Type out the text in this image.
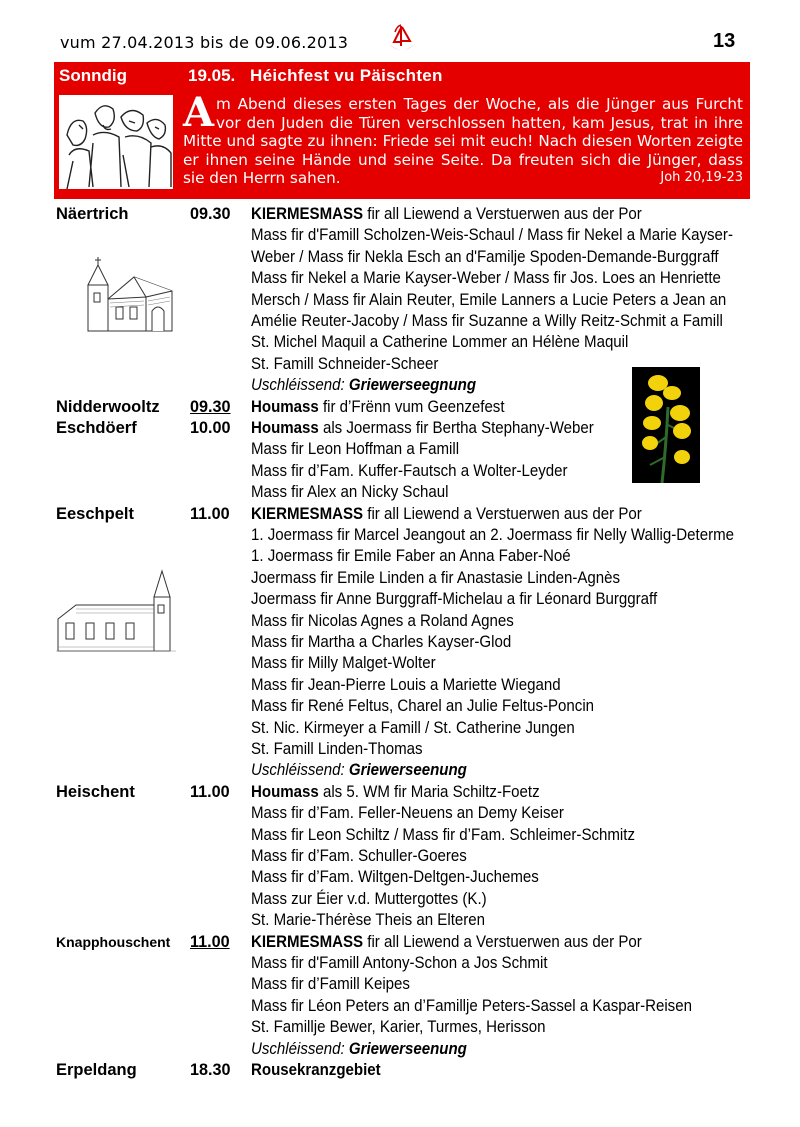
vum 27.04.2013 bis de 09.06.2013	13
Sonndig	19.05. Héichfest vu Päischten
Am Abend dieses ersten Tages der Woche, als die Jünger aus Furcht vor den Juden die Türen verschlossen hatten, kam Jesus, trat in ihre Mitte und sagte zu ihnen: Friede sei mit euch! Nach diesen Worten zeigte er ihnen seine Hände und seine Seite. Da freuten sich die Jünger, dass sie den Herrn sahen.	Joh 20,19-23
Näertrich	09.30 KIERMESMASS fir all Liewend a Verstuerwen aus der Por
Mass fir d'Famill Scholzen-Weis-Schaul / Mass fir Nekel a Marie Kayser-
Weber / Mass fir Nekla Esch an d'Familje Spoden-Demande-Burggraff
Mass fir Nekel a Marie Kayser-Weber / Mass fir Jos. Loes an Henriette
Mersch / Mass fir Alain Reuter, Emile Lanners a Lucie Peters a Jean an
Amélie Reuter-Jacoby / Mass fir Suzanne a Willy Reitz-Schmit a Famill
St. Michel Maquil a Catherine Lommer an Hélène Maquil
St. Famill Schneider-Scheer
Uschléissend: Griewerseegnung
Nidderwooltz 09.30 Houmass fir d’Frënn vum Geenzefest
Eschdöerf	10.00 Houmass als Joermass fir Bertha Stephany-Weber
Mass fir Leon Hoffman a Famill
Mass fir d’Fam. Kuffer-Fautsch a Wolter-Leyder
Mass fir Alex an Nicky Schaul
Eeschpelt	11.00 KIERMESMASS fir all Liewend a Verstuerwen aus der Por
1. Joermass fir Marcel Jeangout an 2. Joermass fir Nelly Wallig-Determe
1. Joermass fir Emile Faber an Anna Faber-Noé
Joermass fir Emile Linden a fir Anastasie Linden-Agnès
Joermass fir Anne Burggraff-Michelau a fir Léonard Burggraff
Mass fir Nicolas Agnes a Roland Agnes
Mass fir Martha a Charles Kayser-Glod
Mass fir Milly Malget-Wolter
Mass fir Jean-Pierre Louis a Mariette Wiegand
Mass fir René Feltus, Charel an Julie Feltus-Poncin
St. Nic. Kirmeyer a Famill / St. Catherine Jungen
St. Famill Linden-Thomas
Uschléissend: Griewerseenung
Heischent	11.00 Houmass als 5. WM fir Maria Schiltz-Foetz
Mass fir d’Fam. Feller-Neuens an Demy Keiser
Mass fir Leon Schiltz / Mass fir d’Fam. Schleimer-Schmitz
Mass fir d’Fam. Schuller-Goeres
Mass fir d’Fam. Wiltgen-Deltgen-Juchemes
Mass zur Éier v.d. Muttergottes (K.)
St. Marie-Thérèse Theis an Elteren
Knapphouschent 11.00 KIERMESMASS fir all Liewend a Verstuerwen aus der Por
Mass fir d'Famill Antony-Schon a Jos Schmit
Mass fir d’Famill Keipes
Mass fir Léon Peters an d’Famillje Peters-Sassel a Kaspar-Reisen
St. Famillje Bewer, Karier, Turmes, Herisson
Uschléissend: Griewerseenung
Erpeldang	18.30 Rousekranzgebiet
